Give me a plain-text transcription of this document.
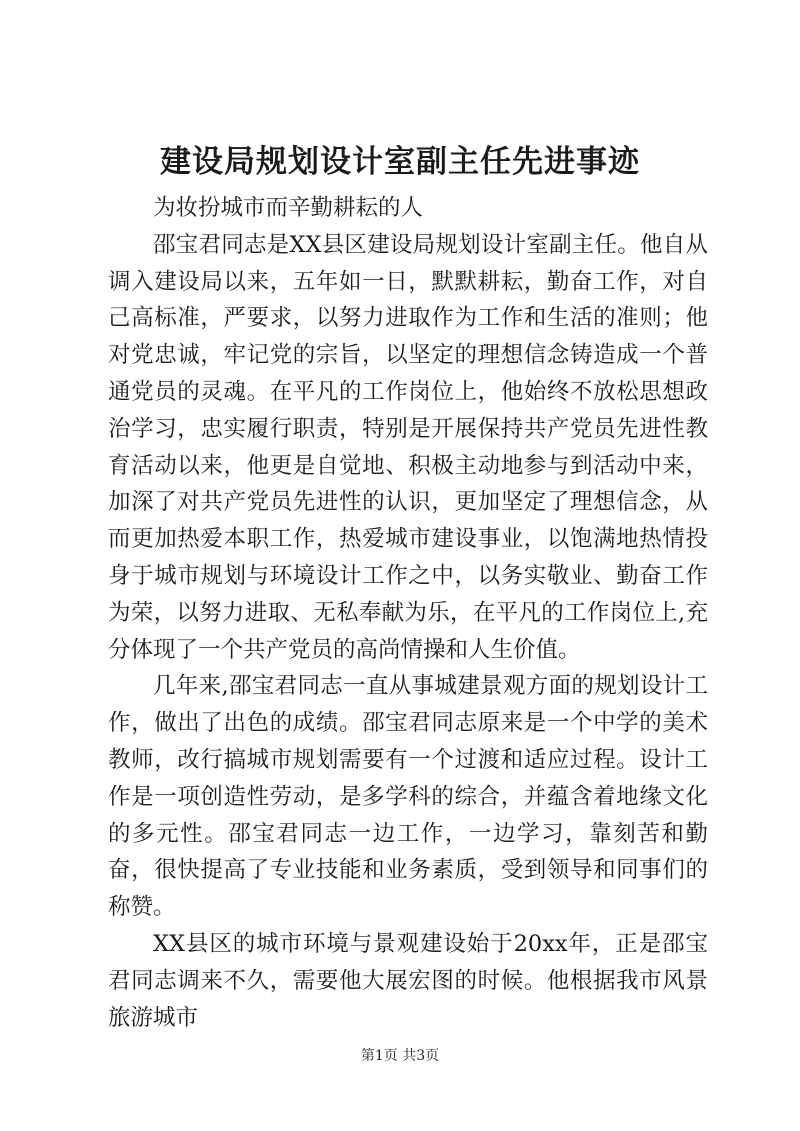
建设局规划设计室副主任先进事迹

为妆扮城市而辛勤耕耘的人

邵宝君同志是XX县区建设局规划设计室副主任。他自从调入建设局以来，五年如一日，默默耕耘，勤奋工作，对自己高标准，严要求，以努力进取作为工作和生活的准则；他对党忠诚，牢记党的宗旨，以坚定的理想信念铸造成一个普通党员的灵魂。在平凡的工作岗位上，他始终不放松思想政治学习，忠实履行职责，特别是开展保持共产党员先进性教育活动以来，他更是自觉地、积极主动地参与到活动中来，加深了对共产党员先进性的认识，更加坚定了理想信念，从而更加热爱本职工作，热爱城市建设事业，以饱满地热情投身于城市规划与环境设计工作之中，以务实敬业、勤奋工作为荣，以努力进取、无私奉献为乐，在平凡的工作岗位上,充分体现了一个共产党员的高尚情操和人生价值。

几年来,邵宝君同志一直从事城建景观方面的规划设计工作，做出了出色的成绩。邵宝君同志原来是一个中学的美术教师，改行搞城市规划需要有一个过渡和适应过程。设计工作是一项创造性劳动，是多学科的综合，并蕴含着地缘文化的多元性。邵宝君同志一边工作，一边学习，靠刻苦和勤奋，很快提高了专业技能和业务素质，受到领导和同事们的称赞。

XX县区的城市环境与景观建设始于20xx年，正是邵宝君同志调来不久，需要他大展宏图的时候。他根据我市风景旅游城市

第1页 共3页
